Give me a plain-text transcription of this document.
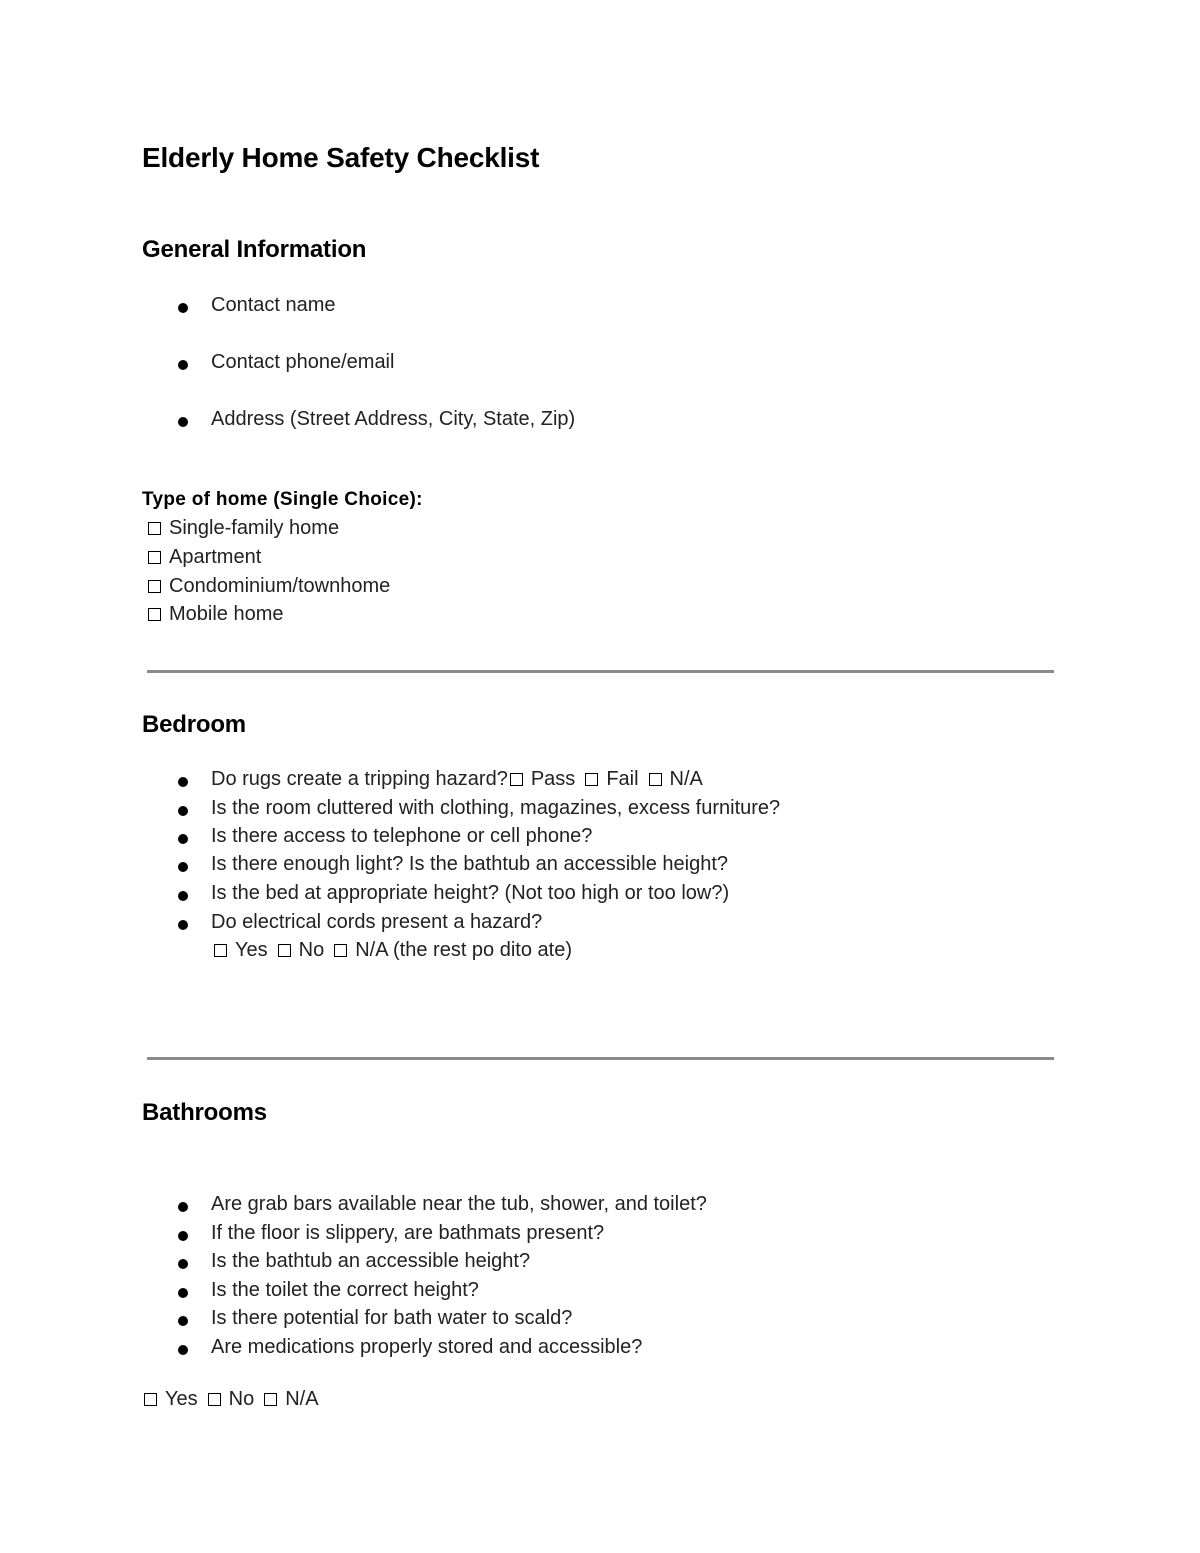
Elderly Home Safety Checklist
General Information
Contact name
Contact phone/email
Address (Street Address, City, State, Zip)
Type of home (Single Choice):
Single-family home
Apartment
Condominium/townhome
Mobile home
Bedroom
Do rugs create a tripping hazard? Pass Fail N/A
Is the room cluttered with clothing, magazines, excess furniture?
Is there access to telephone or cell phone?
Is there enough light? Is the bathtub an accessible height?
Is the bed at appropriate height? (Not too high or too low?)
Do electrical cords present a hazard?
Yes No N/A (the rest po dito ate)
Bathrooms
Are grab bars available near the tub, shower, and toilet?
If the floor is slippery, are bathmats present?
Is the bathtub an accessible height?
Is the toilet the correct height?
Is there potential for bath water to scald?
Are medications properly stored and accessible?
Yes No N/A
